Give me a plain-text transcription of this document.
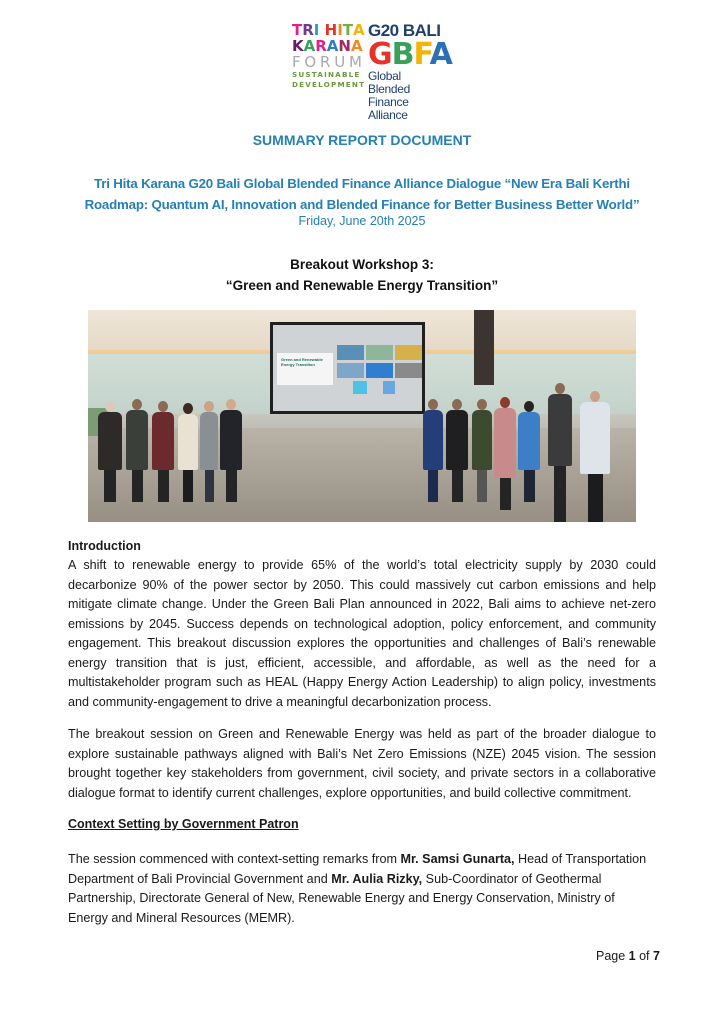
T R I
H I T A
K A R A N A
F O R U M
SUSTAINABLE
DEVELOPMENT
G20 BALI
GBFA
Global Blended
Finance Alliance
SUMMARY REPORT DOCUMENT
Tri Hita Karana G20 Bali Global Blended Finance Alliance Dialogue “New Era Bali Kerthi
Roadmap: Quantum AI, Innovation and Blended Finance for Better Business Better World”
Friday, June 20th 2025
Breakout Workshop 3:
“Green and Renewable Energy Transition”
Green and Renewable Energy Transition
Introduction
A shift to renewable energy to provide 65% of the world’s total electricity supply by 2030 could decarbonize 90% of the power sector by 2050. This could massively cut carbon emissions and help mitigate climate change. Under the Green Bali Plan announced in 2022, Bali aims to achieve net-zero emissions by 2045. Success depends on technological adoption, policy enforcement, and community engagement. This breakout discussion explores the opportunities and challenges of Bali’s renewable energy transition that is just, efficient, accessible, and affordable, as well as the need for a multistakeholder program such as HEAL (Happy Energy Action Leadership) to align policy, investments and community-engagement to drive a meaningful decarbonization process.
The breakout session on Green and Renewable Energy was held as part of the broader dialogue to explore sustainable pathways aligned with Bali’s Net Zero Emissions (NZE) 2045 vision. The session brought together key stakeholders from government, civil society, and private sectors in a collaborative dialogue format to identify current challenges, explore opportunities, and build collective commitment.
Context Setting by Government Patron
The session commenced with context-setting remarks from Mr. Samsi Gunarta, Head of Transportation Department of Bali Provincial Government and Mr. Aulia Rizky, Sub-Coordinator of Geothermal Partnership, Directorate General of New, Renewable Energy and Energy Conservation, Ministry of Energy and Mineral Resources (MEMR).
Page 1 of 7
